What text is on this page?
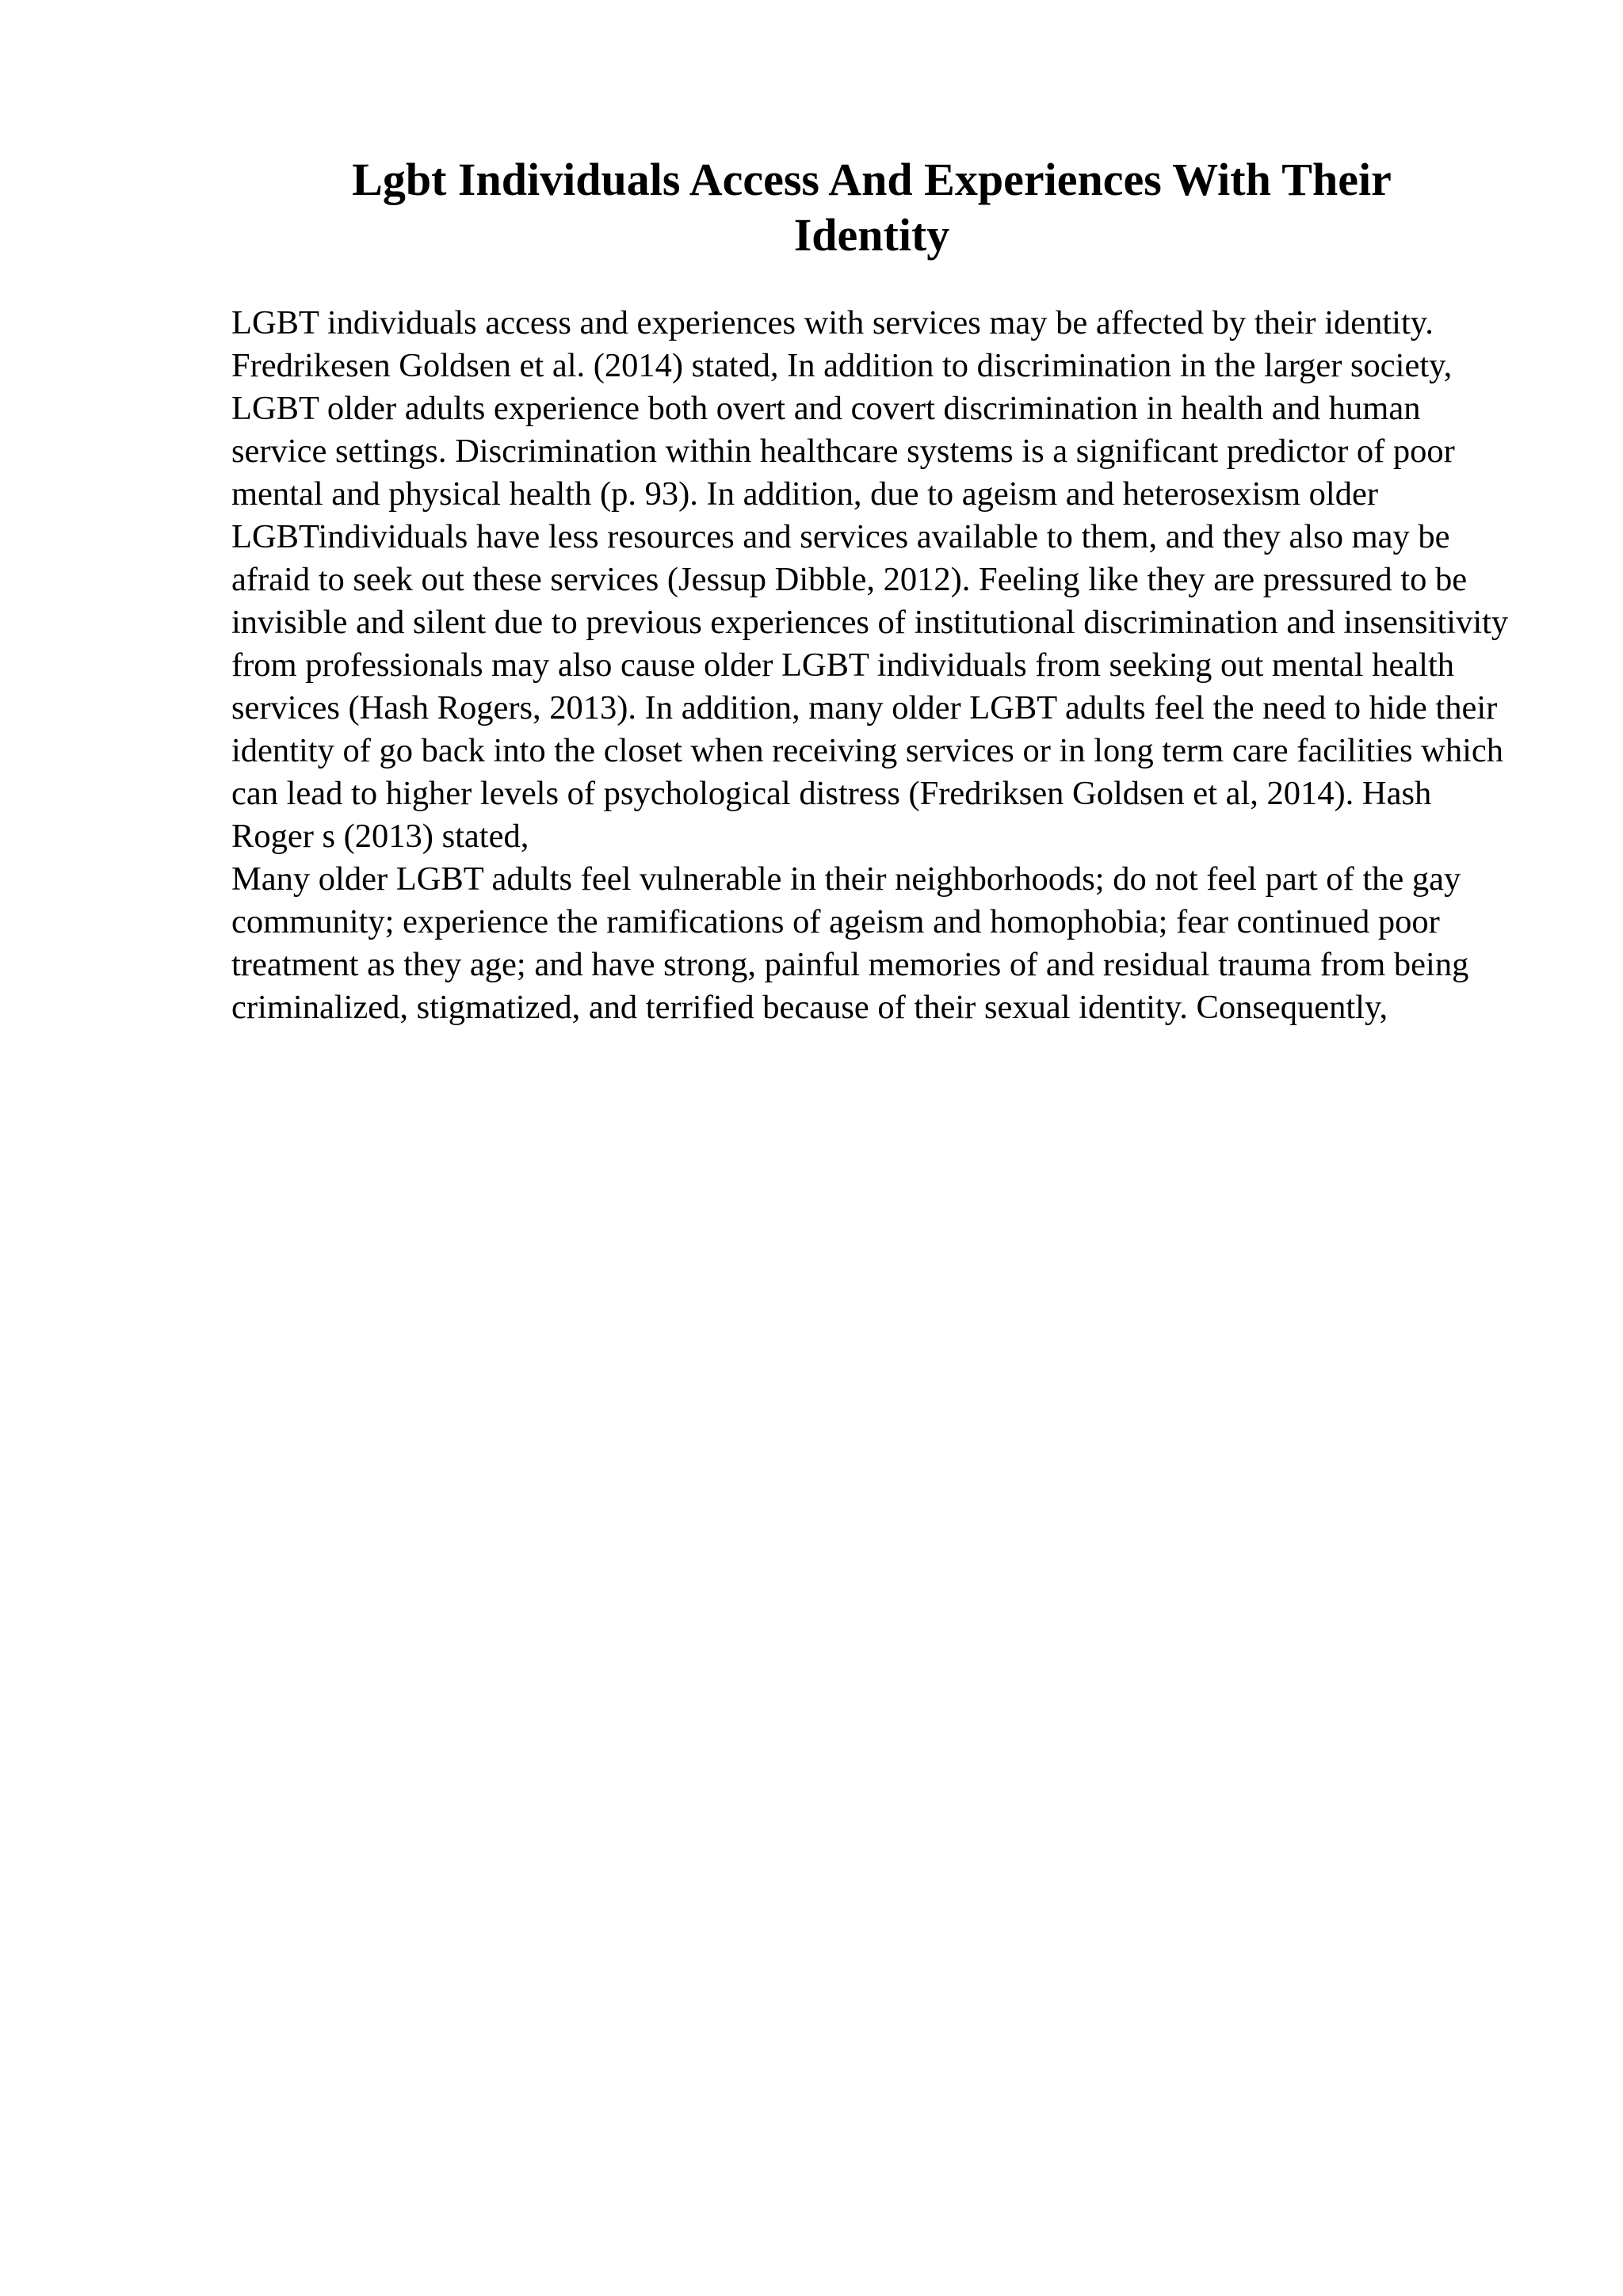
Lgbt Individuals Access And Experiences With Their Identity

LGBT individuals access and experiences with services may be affected by their identity. Fredrikesen Goldsen et al. (2014) stated, In addition to discrimination in the larger society, LGBT older adults experience both overt and covert discrimination in health and human service settings. Discrimination within healthcare systems is a significant predictor of poor mental and physical health (p. 93). In addition, due to ageism and heterosexism older LGBTindividuals have less resources and services available to them, and they also may be afraid to seek out these services (Jessup Dibble, 2012). Feeling like they are pressured to be invisible and silent due to previous experiences of institutional discrimination and insensitivity from professionals may also cause older LGBT individuals from seeking out mental health services (Hash Rogers, 2013). In addition, many older LGBT adults feel the need to hide their identity of go back into the closet when receiving services or in long term care facilities which can lead to higher levels of psychological distress (Fredriksen Goldsen et al, 2014). Hash Roger s (2013) stated,

Many older LGBT adults feel vulnerable in their neighborhoods; do not feel part of the gay community; experience the ramifications of ageism and homophobia; fear continued poor treatment as they age; and have strong, painful memories of and residual trauma from being criminalized, stigmatized, and terrified because of their sexual identity. Consequently,
